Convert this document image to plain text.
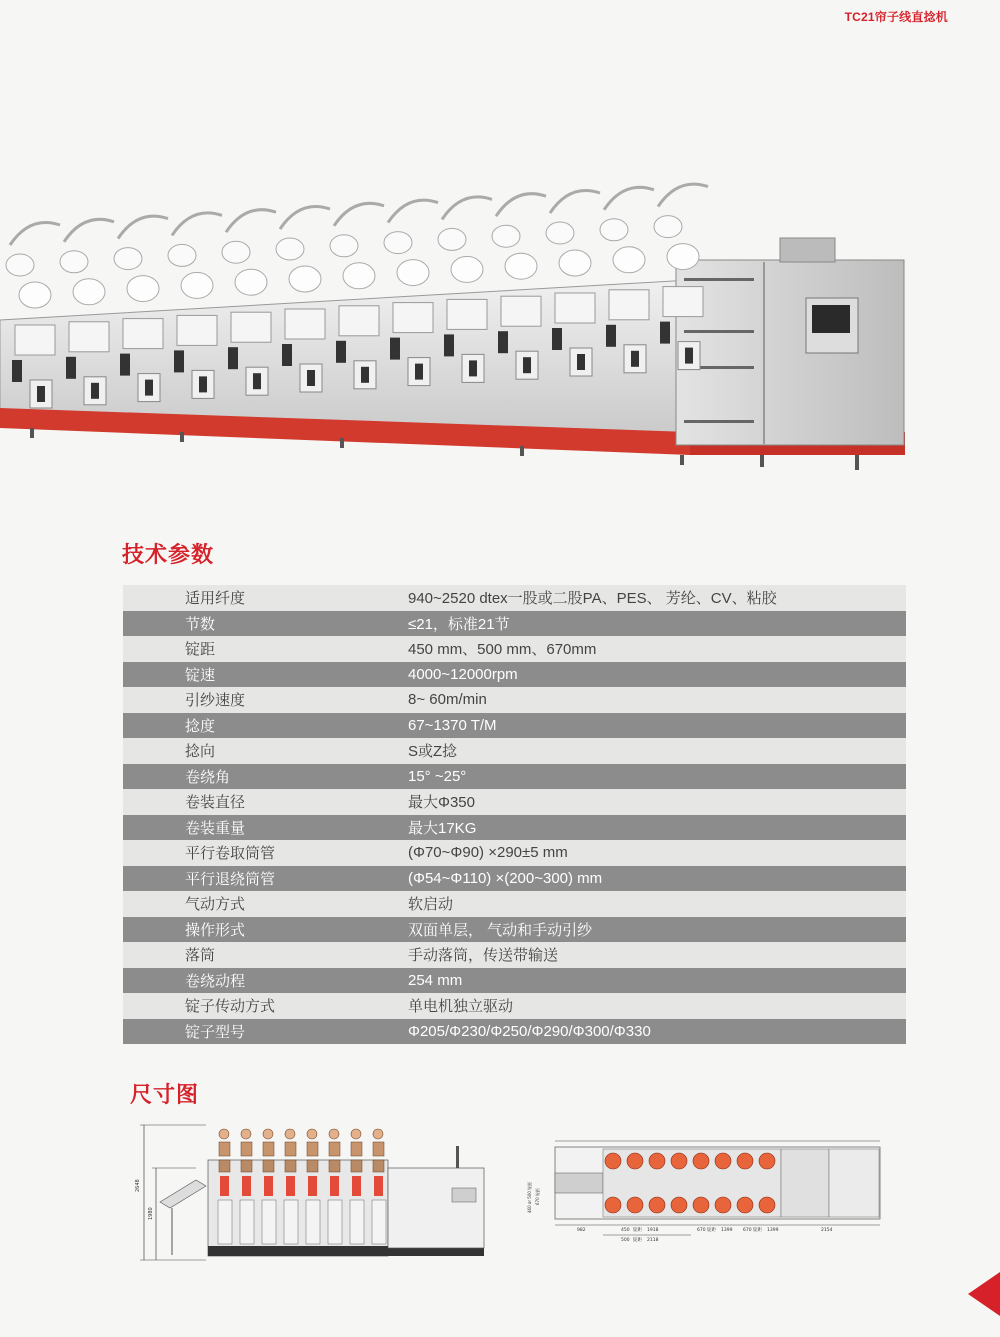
TC21帘子线直捻机
技术参数
适用纤度	940~2520 dtex一股或二股PA、PES、 芳纶、CV、粘胶
节数	≤21，标准21节
锭距	450 mm、500 mm、670mm
锭速	4000~12000rpm
引纱速度	8~ 60m/min
捻度	67~1370 T/M
捻向	S或Z捻
卷绕角	15° ~25°
卷装直径	最大Φ350
卷装重量	最大17KG
平行卷取筒管	(Φ70~Φ90) ×290±5 mm
平行退绕筒管	(Φ54~Φ110) ×(200~300) mm
气动方式	软启动
操作形式	双面单层， 气动和手动引纱
落筒	手动落筒，传送带输送
卷绕动程	254 mm
锭子传动方式	单电机独立驱动
锭子型号	Φ205/Φ230/Φ250/Φ290/Φ300/Φ330
尺寸图
2648
1980
982	450 锭距 1918
500 锭距 2118
670 锭距 1399 670 锭距 1399	2154
460 or 500 锭距 670 锭距
